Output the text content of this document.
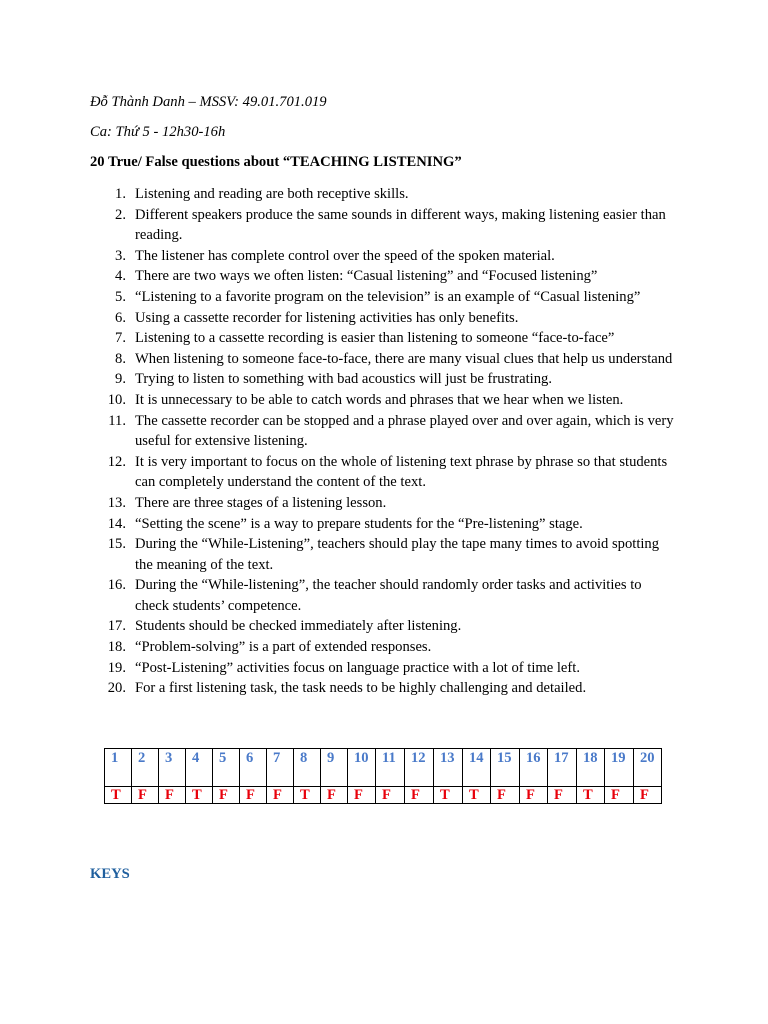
Đỗ Thành Danh – MSSV: 49.01.701.019

Ca: Thứ 5 - 12h30-16h

20 True/ False questions about “TEACHING LISTENING”

1. Listening and reading are both receptive skills.
2. Different speakers produce the same sounds in different ways, making listening easier than reading.
3. The listener has complete control over the speed of the spoken material.
4. There are two ways we often listen: “Casual listening” and “Focused listening”
5. “Listening to a favorite program on the television” is an example of “Casual listening”
6. Using a cassette recorder for listening activities has only benefits.
7. Listening to a cassette recording is easier than listening to someone “face-to-face”
8. When listening to someone face-to-face, there are many visual clues that help us understand
9. Trying to listen to something with bad acoustics will just be frustrating.
10. It is unnecessary to be able to catch words and phrases that we hear when we listen.
11. The cassette recorder can be stopped and a phrase played over and over again, which is very useful for extensive listening.
12. It is very important to focus on the whole of listening text phrase by phrase so that students can completely understand the content of the text.
13. There are three stages of a listening lesson.
14. “Setting the scene” is a way to prepare students for the “Pre-listening” stage.
15. During the “While-Listening”, teachers should play the tape many times to avoid spotting the meaning of the text.
16. During the “While-listening”, the teacher should randomly order tasks and activities to check students’ competence.
17. Students should be checked immediately after listening.
18. “Problem-solving” is a part of extended responses.
19. “Post-Listening” activities focus on language practice with a lot of time left.
20. For a first listening task, the task needs to be highly challenging and detailed.
1	2	3	4	5	6	7	8	9	10	11	12	13	14	15	16	17	18	19	20
T	F	F	T	F	F	F	T	F	F	F	F	T	T	F	F	F	T	F	F
KEYS
